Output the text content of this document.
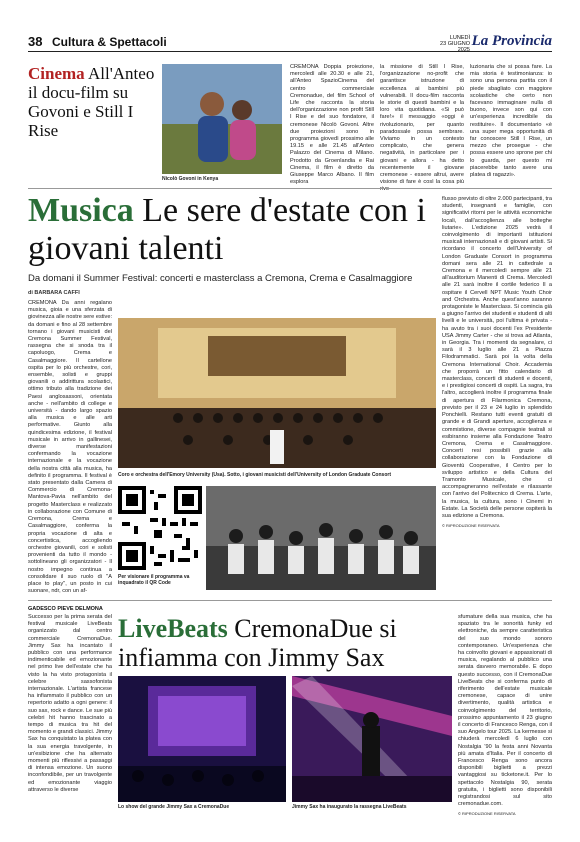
38 Cultura & Spettacoli	LUNEDÌ
23 GIUGNO 2025
La Provincia
Cinema All'Anteo il docu-film su Govoni e Still I Rise
Nicolò Govoni in Kenya
CREMONA Doppia proiezione, mercoledì alle 20.30 e alle 21, all'Anteo SpazioCinema del centro commerciale Cremonadue, del film School of Life che racconta la storia dell'organizzazione non profit Still I Rise e del suo fondatore, il cremonese Nicolò Govoni. Altre due proiezioni sono in programma giovedì prossimo alle 19.15 e alle 21.45 all'Anteo Palazzo del Cinema di Milano. Prodotto da Groenlandia e Rai Cinema, il film è diretto da Giuseppe Marco Albano. Il film esplora
la missione di Still I Rise, l'organizzazione no-profit che garantisce istruzione di eccellenza ai bambini più vulnerabili. Il docu-film racconta le storie di questi bambini e la loro vita quotidiana. «Si può fare!» il messaggio «oggi è rivoluzionario, per quanto paradossale possa sembrare. Viviamo in un contesto complicato, che genera negatività, in particolare per i giovani e allora - ha detto recentemente il giovane cremonese - essere altrui, avere visione di fare è così la cosa più rivo-
luzionaria che si possa fare. La mia storia è testimonianza: io sono una persona partita con il piede sbagliato con maggiore scolastiche che certo non facevano immaginare nulla di buono, invece son qui con un'esperienza incredibile da restituire». Il documentario «è una super mega opportunità di far conoscere Still I Rise, un mezzo che prosegue - che possa essere uno sprone per chi lo guarda, per questo mi piacerebbe tanto avere una platea di ragazzi».
Musica Le sere d'estate con i giovani talenti
Da domani il Summer Festival: concerti e masterclass a Cremona, Crema e Casalmaggiore
di BARBARA CAFFI
CREMONA Da anni regalano musica, gioia e una sferzata di giovinezza alle nostre sere estive: da domani e fino al 28 settembre tornano i giovani musicisti del Cremona Summer Festival, rassegna che si snoda tra il capoluogo, Crema e Casalmaggiore. Il cartellone ospita per lo più orchestre, cori, ensemble, solisti e gruppi giovanili o addirittura scolastici, ottimo tributo alla tradizione dei Paesi anglosassoni, orientata anche - nell'ambito di college e università - dando largo spazio alla musica e alle arti performative. Giunto alla quindicesima edizione, il festival musicale in arrivo in gallinesei, diverse manifestazioni confermando la vocazione internazionale e la vocazione della nostra città alla musica, ha definito il programma. Il festival è stato presentato dalla Camera di Commercio di Cremona-Mantova-Pavia nell'ambito del progetto Masterclass e realizzato in collaborazione con Comune di Cremona, Crema e Casalmaggiore, conferma la propria vocazione di alta e concertistica, accogliendo orchestre giovanili, cori e solisti provenienti da tutto il mondo - sottolineano gli organizzatori - Il nostro impegno continua a consolidare il suo ruolo di "A place to play", un posto in cui suonare, ndr, con un af-
Coro e orchestra dell'Emory University (Usa). Sotto, i giovani musicisti dell'University of London Graduate Consort
Per visionare il programma va inquadrato il QR Code
flusso previsto di oltre 2.000 partecipanti, tra studenti, insegnanti e famiglie, con significativi ritorni per le attività economiche locali, dall'accoglienza alle botteghe liutarie». L'edizione 2025 vedrà il coinvolgimento di importanti istituzioni musicali internazionali e di giovani artisti. Si ricordano il concerto dell'University of London Graduate Consort in programma domani sera alle 21 in cattedrale a Cremona e il mercoledì sempre alle 21 all'auditorium Manenti di Crema. Mercoledì alle 21 sarà inoltre il cortile federico II a ospitare il Cervell NPT Music Youth Choir and Orchestra. Anche quest'anno saranno protagoniste le Masterclass. Si comincia già a giugno l'arrivo dei studenti e studenti di alti livelli e le università, poi l'ultima è privata - ha avuto tra i suoi docenti l'ex Presidente USA Jimmy Carter - che si trova ad Atlanta, in Georgia. Tra i momenti da segnalare, ci sarà il 3 luglio alle 21 a Piazza Filodrammatici. Sarà poi la volta della Cremona International Choir. Accademia che proporrà un fitto calendario di masterclass, concerti di studenti e docenti, e i prestigiosi concerti di ospiti. La sagra, tra l'altro, accoglierà inoltre il programma finale di apertura di Filarmonica Cremona, previsto per il 23 e 24 luglio in splendido Ponchielli. Restano tutti eventi gratuiti di grande e di Grandi aperture, accoglienza e commistione, diverse compagnie teatrali si esibiranno insieme alla Fondazione Teatro Cremona, Crema e Casalmaggiore. Concerti resi possibili grazie alla collaborazione con la Fondazione di Gioventù Cooperative, il Centro per lo sviluppo artistico e della Cultura del Tramonto Musicale, che ci accompagneranno nell'estate e rilassante con l'arrivo del Politecnico di Crema. L'arte, la musica, la cultura, sono i Cinemi in Estate. La Società delle persone ospiterà la sua edizione a Cremona.
© RIPRODUZIONE RISERVATA
GADESCO PIEVE DELMONA
Successo per la prima serata del festival musicale LiveBeats organizzato dal centro commerciale CremonaDue. Jimmy Sax ha incantato il pubblico con una performance indimenticabile ed emozionante nel primo live dell'estate che ha visto la ha visto protagonista il celebre sassofonista internazionale. L'artista francese ha infiammato il pubblico con un repertorio adatto a ogni genere: il suo sax, rock e dance. Le sue più celebri hit hanno trascinato a tempo di musica tra hit del momento e grandi classici. Jimmy Sax ha conquistato la platea con la sua energia travolgente, in un'esibizione che ha alternato momenti più riflessivi a passaggi di intensa emozione. Un suono inconfondibile, per un travolgente ed emozionante viaggio attraverso le diverse
LiveBeats CremonaDue si infiamma con Jimmy Sax
Lo show del grande Jimmy Sax a CremonaDue	Jimmy Sax ha inaugurato la rassegna LiveBeats
sfumature della sua musica, che ha spaziato tra le sonorità funky ed elettroniche, da sempre caratteristica del suo mondo sonoro contemporaneo. Un'esperienza che ha coinvolto giovani e appassionati di musica, regalando al pubblico una serata davvero memorabile. E dopo questo successo, con il CremonaDue LiveBeats che si conferma punto di riferimento dell'estate musicale cremonese, capace di unire divertimento, qualità artistica e coinvolgimento del territorio, prossimo appuntamento il 23 giugno il concerto di Francesco Renga, con il suo Angelo tour 2025. La kermesse si chiuderà mercoledì 6 luglio con Nostalgia '90 la festa anni Novanta più amata d'Italia. Per il concerto di Francesco Renga sono ancora disponibili biglietti a prezzi vantaggiosi su ticketone.it. Per lo spettacolo Nostalgia 90, serata gratuita, i biglietti sono disponibili registrandosi sul sito cremonadue.com.
© RIPRODUZIONE RISERVATA
